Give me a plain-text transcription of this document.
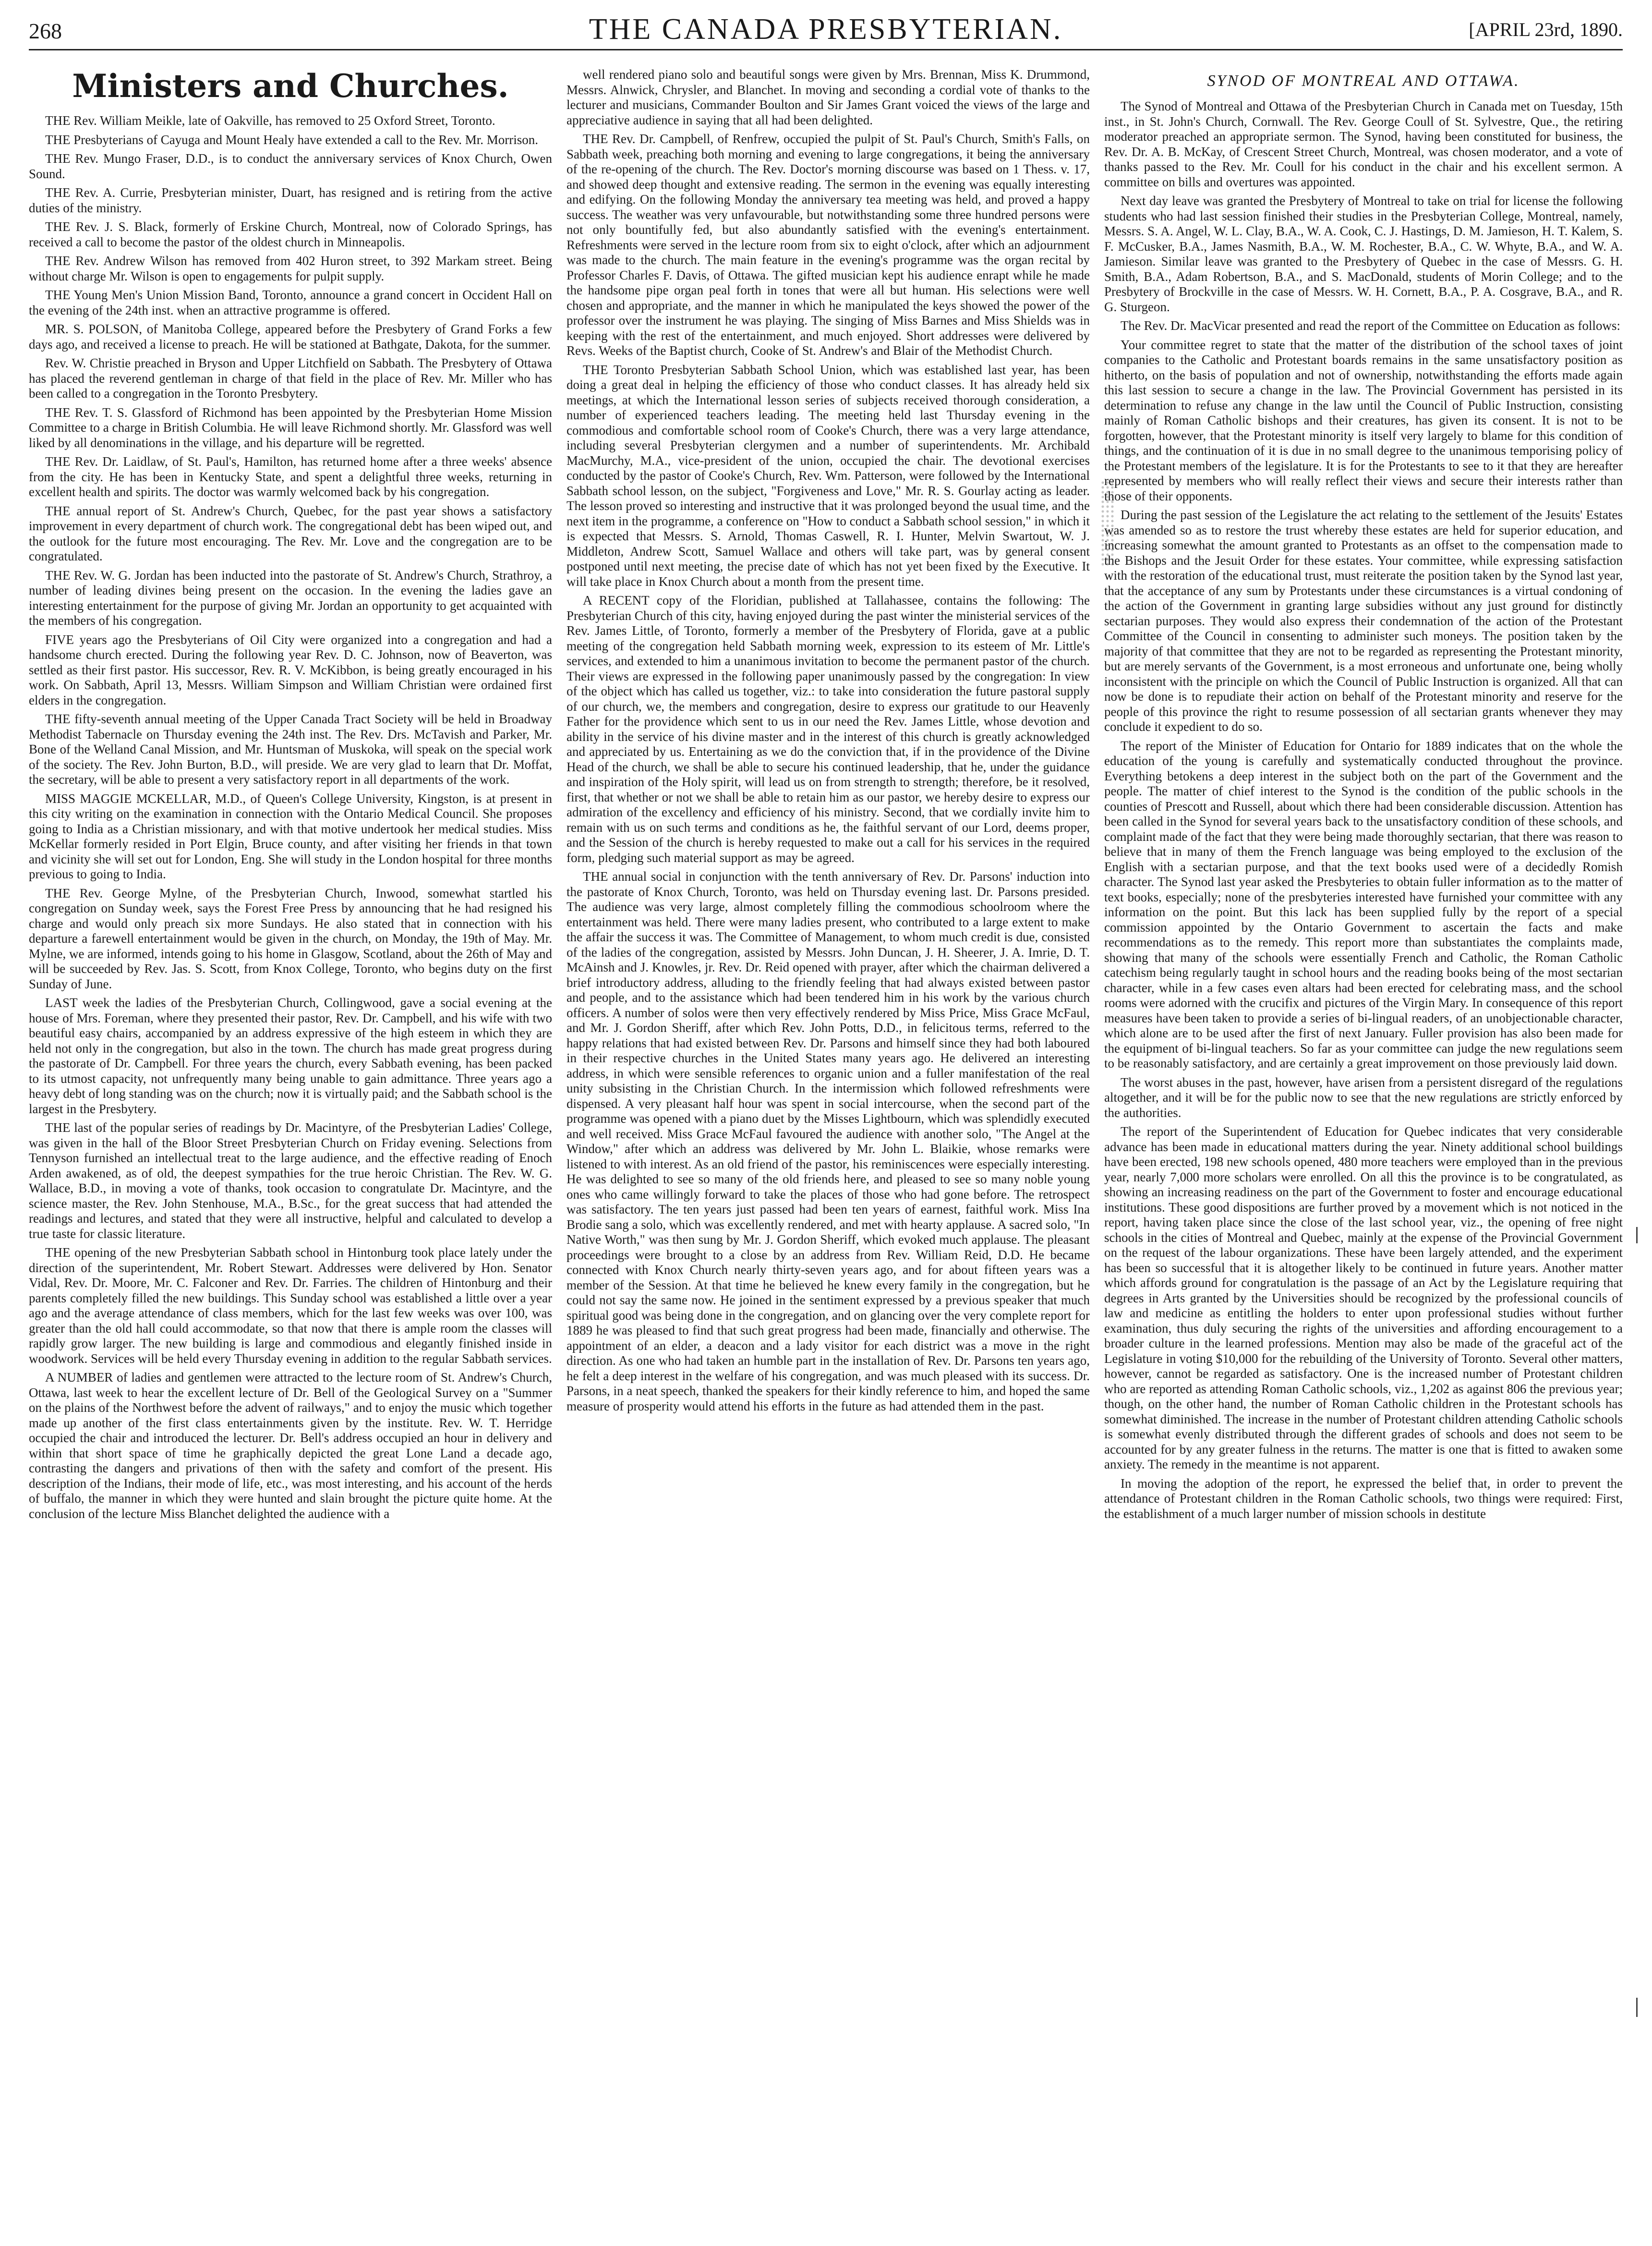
268	THE CANADA PRESBYTERIAN.	[APRIL 23rd, 1890.
Ministers and Churches.

THE Rev. William Meikle, late of Oakville, has removed to 25 Oxford Street, Toronto.

THE Presbyterians of Cayuga and Mount Healy have extended a call to the Rev. Mr. Morrison.

THE Rev. Mungo Fraser, D.D., is to conduct the anniversary services of Knox Church, Owen Sound.

THE Rev. A. Currie, Presbyterian minister, Duart, has resigned and is retiring from the active duties of the ministry.

THE Rev. J. S. Black, formerly of Erskine Church, Montreal, now of Colorado Springs, has received a call to become the pastor of the oldest church in Minneapolis.

THE Rev. Andrew Wilson has removed from 402 Huron street, to 392 Markam street. Being without charge Mr. Wilson is open to engagements for pulpit supply.

THE Young Men's Union Mission Band, Toronto, announce a grand concert in Occident Hall on the evening of the 24th inst. when an attractive programme is offered.

MR. S. POLSON, of Manitoba College, appeared before the Presbytery of Grand Forks a few days ago, and received a license to preach. He will be stationed at Bathgate, Dakota, for the summer.

Rev. W. Christie preached in Bryson and Upper Litchfield on Sabbath. The Presbytery of Ottawa has placed the reverend gentleman in charge of that field in the place of Rev. Mr. Miller who has been called to a congregation in the Toronto Presbytery.

THE Rev. T. S. Glassford of Richmond has been appointed by the Presbyterian Home Mission Committee to a charge in British Columbia. He will leave Richmond shortly. Mr. Glassford was well liked by all denominations in the village, and his departure will be regretted.

THE Rev. Dr. Laidlaw, of St. Paul's, Hamilton, has returned home after a three weeks' absence from the city. He has been in Kentucky State, and spent a delightful three weeks, returning in excellent health and spirits. The doctor was warmly welcomed back by his congregation.

THE annual report of St. Andrew's Church, Quebec, for the past year shows a satisfactory improvement in every department of church work. The congregational debt has been wiped out, and the outlook for the future most encouraging. The Rev. Mr. Love and the congregation are to be congratulated.

THE Rev. W. G. Jordan has been inducted into the pastorate of St. Andrew's Church, Strathroy, a number of leading divines being present on the occasion. In the evening the ladies gave an interesting entertainment for the purpose of giving Mr. Jordan an opportunity to get acquainted with the members of his congregation.

FIVE years ago the Presbyterians of Oil City were organized into a congregation and had a handsome church erected. During the following year Rev. D. C. Johnson, now of Beaverton, was settled as their first pastor. His successor, Rev. R. V. McKibbon, is being greatly encouraged in his work. On Sabbath, April 13, Messrs. William Simpson and William Christian were ordained first elders in the congregation.

THE fifty-seventh annual meeting of the Upper Canada Tract Society will be held in Broadway Methodist Tabernacle on Thursday evening the 24th inst. The Rev. Drs. McTavish and Parker, Mr. Bone of the Welland Canal Mission, and Mr. Huntsman of Muskoka, will speak on the special work of the society. The Rev. John Burton, B.D., will preside. We are very glad to learn that Dr. Moffat, the secretary, will be able to present a very satisfactory report in all departments of the work.

MISS MAGGIE MCKELLAR, M.D., of Queen's College University, Kingston, is at present in this city writing on the examination in connection with the Ontario Medical Council. She proposes going to India as a Christian missionary, and with that motive undertook her medical studies. Miss McKellar formerly resided in Port Elgin, Bruce county, and after visiting her friends in that town and vicinity she will set out for London, Eng. She will study in the London hospital for three months previous to going to India.

THE Rev. George Mylne, of the Presbyterian Church, Inwood, somewhat startled his congregation on Sunday week, says the Forest Free Press by announcing that he had resigned his charge and would only preach six more Sundays. He also stated that in connection with his departure a farewell entertainment would be given in the church, on Monday, the 19th of May. Mr. Mylne, we are informed, intends going to his home in Glasgow, Scotland, about the 26th of May and will be succeeded by Rev. Jas. S. Scott, from Knox College, Toronto, who begins duty on the first Sunday of June.

LAST week the ladies of the Presbyterian Church, Collingwood, gave a social evening at the house of Mrs. Foreman, where they presented their pastor, Rev. Dr. Campbell, and his wife with two beautiful easy chairs, accompanied by an address expressive of the high esteem in which they are held not only in the congregation, but also in the town. The church has made great progress during the pastorate of Dr. Campbell. For three years the church, every Sabbath evening, has been packed to its utmost capacity, not unfrequently many being unable to gain admittance. Three years ago a heavy debt of long standing was on the church; now it is virtually paid; and the Sabbath school is the largest in the Presbytery.

THE last of the popular series of readings by Dr. Macintyre, of the Presbyterian Ladies' College, was given in the hall of the Bloor Street Presbyterian Church on Friday evening. Selections from Tennyson furnished an intellectual treat to the large audience, and the effective reading of Enoch Arden awakened, as of old, the deepest sympathies for the true heroic Christian. The Rev. W. G. Wallace, B.D., in moving a vote of thanks, took occasion to congratulate Dr. Macintyre, and the science master, the Rev. John Stenhouse, M.A., B.Sc., for the great success that had attended the readings and lectures, and stated that they were all instructive, helpful and calculated to develop a true taste for classic literature.

THE opening of the new Presbyterian Sabbath school in Hintonburg took place lately under the direction of the superintendent, Mr. Robert Stewart. Addresses were delivered by Hon. Senator Vidal, Rev. Dr. Moore, Mr. C. Falconer and Rev. Dr. Farries. The children of Hintonburg and their parents completely filled the new buildings. This Sunday school was established a little over a year ago and the average attendance of class members, which for the last few weeks was over 100, was greater than the old hall could accommodate, so that now that there is ample room the classes will rapidly grow larger. The new building is large and commodious and elegantly finished inside in woodwork. Services will be held every Thursday evening in addition to the regular Sabbath services.

A NUMBER of ladies and gentlemen were attracted to the lecture room of St. Andrew's Church, Ottawa, last week to hear the excellent lecture of Dr. Bell of the Geological Survey on a "Summer on the plains of the Northwest before the advent of railways," and to enjoy the music which together made up another of the first class entertainments given by the institute. Rev. W. T. Herridge occupied the chair and introduced the lecturer. Dr. Bell's address occupied an hour in delivery and within that short space of time he graphically depicted the great Lone Land a decade ago, contrasting the dangers and privations of then with the safety and comfort of the present. His description of the Indians, their mode of life, etc., was most interesting, and his account of the herds of buffalo, the manner in which they were hunted and slain brought the picture quite home. At the conclusion of the lecture Miss Blanchet delighted the audience with a

well rendered piano solo and beautiful songs were given by Mrs. Brennan, Miss K. Drummond, Messrs. Alnwick, Chrysler, and Blanchet. In moving and seconding a cordial vote of thanks to the lecturer and musicians, Commander Boulton and Sir James Grant voiced the views of the large and appreciative audience in saying that all had been delighted.

THE Rev. Dr. Campbell, of Renfrew, occupied the pulpit of St. Paul's Church, Smith's Falls, on Sabbath week, preaching both morning and evening to large congregations, it being the anniversary of the re-opening of the church. The Rev. Doctor's morning discourse was based on 1 Thess. v. 17, and showed deep thought and extensive reading. The sermon in the evening was equally interesting and edifying. On the following Monday the anniversary tea meeting was held, and proved a happy success. The weather was very unfavourable, but notwithstanding some three hundred persons were not only bountifully fed, but also abundantly satisfied with the evening's entertainment. Refreshments were served in the lecture room from six to eight o'clock, after which an adjournment was made to the church. The main feature in the evening's programme was the organ recital by Professor Charles F. Davis, of Ottawa. The gifted musician kept his audience enrapt while he made the handsome pipe organ peal forth in tones that were all but human. His selections were well chosen and appropriate, and the manner in which he manipulated the keys showed the power of the professor over the instrument he was playing. The singing of Miss Barnes and Miss Shields was in keeping with the rest of the entertainment, and much enjoyed. Short addresses were delivered by Revs. Weeks of the Baptist church, Cooke of St. Andrew's and Blair of the Methodist Church.

THE Toronto Presbyterian Sabbath School Union, which was established last year, has been doing a great deal in helping the efficiency of those who conduct classes. It has already held six meetings, at which the International lesson series of subjects received thorough consideration, a number of experienced teachers leading. The meeting held last Thursday evening in the commodious and comfortable school room of Cooke's Church, there was a very large attendance, including several Presbyterian clergymen and a number of superintendents. Mr. Archibald MacMurchy, M.A., vice-president of the union, occupied the chair. The devotional exercises conducted by the pastor of Cooke's Church, Rev. Wm. Patterson, were followed by the International Sabbath school lesson, on the subject, "Forgiveness and Love," Mr. R. S. Gourlay acting as leader. The lesson proved so interesting and instructive that it was prolonged beyond the usual time, and the next item in the programme, a conference on "How to conduct a Sabbath school session," in which it is expected that Messrs. S. Arnold, Thomas Caswell, R. I. Hunter, Melvin Swartout, W. J. Middleton, Andrew Scott, Samuel Wallace and others will take part, was by general consent postponed until next meeting, the precise date of which has not yet been fixed by the Executive. It will take place in Knox Church about a month from the present time.

A RECENT copy of the Floridian, published at Tallahassee, contains the following: The Presbyterian Church of this city, having enjoyed during the past winter the ministerial services of the Rev. James Little, of Toronto, formerly a member of the Presbytery of Florida, gave at a public meeting of the congregation held Sabbath morning week, expression to its esteem of Mr. Little's services, and extended to him a unanimous invitation to become the permanent pastor of the church. Their views are expressed in the following paper unanimously passed by the congregation: In view of the object which has called us together, viz.: to take into consideration the future pastoral supply of our church, we, the members and congregation, desire to express our gratitude to our Heavenly Father for the providence which sent to us in our need the Rev. James Little, whose devotion and ability in the service of his divine master and in the interest of this church is greatly acknowledged and appreciated by us. Entertaining as we do the conviction that, if in the providence of the Divine Head of the church, we shall be able to secure his continued leadership, that he, under the guidance and inspiration of the Holy spirit, will lead us on from strength to strength; therefore, be it resolved, first, that whether or not we shall be able to retain him as our pastor, we hereby desire to express our admiration of the excellency and efficiency of his ministry. Second, that we cordially invite him to remain with us on such terms and conditions as he, the faithful servant of our Lord, deems proper, and the Session of the church is hereby requested to make out a call for his services in the required form, pledging such material support as may be agreed.

THE annual social in conjunction with the tenth anniversary of Rev. Dr. Parsons' induction into the pastorate of Knox Church, Toronto, was held on Thursday evening last. Dr. Parsons presided. The audience was very large, almost completely filling the commodious schoolroom where the entertainment was held. There were many ladies present, who contributed to a large extent to make the affair the success it was. The Committee of Management, to whom much credit is due, consisted of the ladies of the congregation, assisted by Messrs. John Duncan, J. H. Sheerer, J. A. Imrie, D. T. McAinsh and J. Knowles, jr. Rev. Dr. Reid opened with prayer, after which the chairman delivered a brief introductory address, alluding to the friendly feeling that had always existed between pastor and people, and to the assistance which had been tendered him in his work by the various church officers. A number of solos were then very effectively rendered by Miss Price, Miss Grace McFaul, and Mr. J. Gordon Sheriff, after which Rev. John Potts, D.D., in felicitous terms, referred to the happy relations that had existed between Rev. Dr. Parsons and himself since they had both laboured in their respective churches in the United States many years ago. He delivered an interesting address, in which were sensible references to organic union and a fuller manifestation of the real unity subsisting in the Christian Church. In the intermission which followed refreshments were dispensed. A very pleasant half hour was spent in social intercourse, when the second part of the programme was opened with a piano duet by the Misses Lightbourn, which was splendidly executed and well received. Miss Grace McFaul favoured the audience with another solo, "The Angel at the Window," after which an address was delivered by Mr. John L. Blaikie, whose remarks were listened to with interest. As an old friend of the pastor, his reminiscences were especially interesting. He was delighted to see so many of the old friends here, and pleased to see so many noble young ones who came willingly forward to take the places of those who had gone before. The retrospect was satisfactory. The ten years just passed had been ten years of earnest, faithful work. Miss Ina Brodie sang a solo, which was excellently rendered, and met with hearty applause. A sacred solo, "In Native Worth," was then sung by Mr. J. Gordon Sheriff, which evoked much applause. The pleasant proceedings were brought to a close by an address from Rev. William Reid, D.D. He became connected with Knox Church nearly thirty-seven years ago, and for about fifteen years was a member of the Session. At that time he believed he knew every family in the congregation, but he could not say the same now. He joined in the sentiment expressed by a previous speaker that much spiritual good was being done in the congregation, and on glancing over the very complete report for 1889 he was pleased to find that such great progress had been made, financially and otherwise. The appointment of an elder, a deacon and a lady visitor for each district was a move in the right direction. As one who had taken an humble part in the installation of Rev. Dr. Parsons ten years ago, he felt a deep interest in the welfare of his congregation, and was much pleased with its success. Dr. Parsons, in a neat speech, thanked the speakers for their kindly reference to him, and hoped the same measure of prosperity would attend his efforts in the future as had attended them in the past.

SYNOD OF MONTREAL AND OTTAWA.

The Synod of Montreal and Ottawa of the Presbyterian Church in Canada met on Tuesday, 15th inst., in St. John's Church, Cornwall. The Rev. George Coull of St. Sylvestre, Que., the retiring moderator preached an appropriate sermon. The Synod, having been constituted for business, the Rev. Dr. A. B. McKay, of Crescent Street Church, Montreal, was chosen moderator, and a vote of thanks passed to the Rev. Mr. Coull for his conduct in the chair and his excellent sermon. A committee on bills and overtures was appointed.

Next day leave was granted the Presbytery of Montreal to take on trial for license the following students who had last session finished their studies in the Presbyterian College, Montreal, namely, Messrs. S. A. Angel, W. L. Clay, B.A., W. A. Cook, C. J. Hastings, D. M. Jamieson, H. T. Kalem, S. F. McCusker, B.A., James Nasmith, B.A., W. M. Rochester, B.A., C. W. Whyte, B.A., and W. A. Jamieson. Similar leave was granted to the Presbytery of Quebec in the case of Messrs. G. H. Smith, B.A., Adam Robertson, B.A., and S. MacDonald, students of Morin College; and to the Presbytery of Brockville in the case of Messrs. W. H. Cornett, B.A., P. A. Cosgrave, B.A., and R. G. Sturgeon.

The Rev. Dr. MacVicar presented and read the report of the Committee on Education as follows:

Your committee regret to state that the matter of the distribution of the school taxes of joint companies to the Catholic and Protestant boards remains in the same unsatisfactory position as hitherto, on the basis of population and not of ownership, notwithstanding the efforts made again this last session to secure a change in the law. The Provincial Government has persisted in its determination to refuse any change in the law until the Council of Public Instruction, consisting mainly of Roman Catholic bishops and their creatures, has given its consent. It is not to be forgotten, however, that the Protestant minority is itself very largely to blame for this condition of things, and the continuation of it is due in no small degree to the unanimous temporising policy of the Protestant members of the legislature. It is for the Protestants to see to it that they are hereafter represented by members who will really reflect their views and secure their interests rather than those of their opponents.

During the past session of the Legislature the act relating to the settlement of the Jesuits' Estates was amended so as to restore the trust whereby these estates are held for superior education, and increasing somewhat the amount granted to Protestants as an offset to the compensation made to the Bishops and the Jesuit Order for these estates. Your committee, while expressing satisfaction with the restoration of the educational trust, must reiterate the position taken by the Synod last year, that the acceptance of any sum by Protestants under these circumstances is a virtual condoning of the action of the Government in granting large subsidies without any just ground for distinctly sectarian purposes. They would also express their condemnation of the action of the Protestant Committee of the Council in consenting to administer such moneys. The position taken by the majority of that committee that they are not to be regarded as representing the Protestant minority, but are merely servants of the Government, is a most erroneous and unfortunate one, being wholly inconsistent with the principle on which the Council of Public Instruction is organized. All that can now be done is to repudiate their action on behalf of the Protestant minority and reserve for the people of this province the right to resume possession of all sectarian grants whenever they may conclude it expedient to do so.

The report of the Minister of Education for Ontario for 1889 indicates that on the whole the education of the young is carefully and systematically conducted throughout the province. Everything betokens a deep interest in the subject both on the part of the Government and the people. The matter of chief interest to the Synod is the condition of the public schools in the counties of Prescott and Russell, about which there had been considerable discussion. Attention has been called in the Synod for several years back to the unsatisfactory condition of these schools, and complaint made of the fact that they were being made thoroughly sectarian, that there was reason to believe that in many of them the French language was being employed to the exclusion of the English with a sectarian purpose, and that the text books used were of a decidedly Romish character. The Synod last year asked the Presbyteries to obtain fuller information as to the matter of text books, especially; none of the presbyteries interested have furnished your committee with any information on the point. But this lack has been supplied fully by the report of a special commission appointed by the Ontario Government to ascertain the facts and make recommendations as to the remedy. This report more than substantiates the complaints made, showing that many of the schools were essentially French and Catholic, the Roman Catholic catechism being regularly taught in school hours and the reading books being of the most sectarian character, while in a few cases even altars had been erected for celebrating mass, and the school rooms were adorned with the crucifix and pictures of the Virgin Mary. In consequence of this report measures have been taken to provide a series of bi-lingual readers, of an unobjectionable character, which alone are to be used after the first of next January. Fuller provision has also been made for the equipment of bi-lingual teachers. So far as your committee can judge the new regulations seem to be reasonably satisfactory, and are certainly a great improvement on those previously laid down.

The worst abuses in the past, however, have arisen from a persistent disregard of the regulations altogether, and it will be for the public now to see that the new regulations are strictly enforced by the authorities.

The report of the Superintendent of Education for Quebec indicates that very considerable advance has been made in educational matters during the year. Ninety additional school buildings have been erected, 198 new schools opened, 480 more teachers were employed than in the previous year, nearly 7,000 more scholars were enrolled. On all this the province is to be congratulated, as showing an increasing readiness on the part of the Government to foster and encourage educational institutions. These good dispositions are further proved by a movement which is not noticed in the report, having taken place since the close of the last school year, viz., the opening of free night schools in the cities of Montreal and Quebec, mainly at the expense of the Provincial Government on the request of the labour organizations. These have been largely attended, and the experiment has been so successful that it is altogether likely to be continued in future years. Another matter which affords ground for congratulation is the passage of an Act by the Legislature requiring that degrees in Arts granted by the Universities should be recognized by the professional councils of law and medicine as entitling the holders to enter upon professional studies without further examination, thus duly securing the rights of the universities and affording encouragement to a broader culture in the learned professions. Mention may also be made of the graceful act of the Legislature in voting $10,000 for the rebuilding of the University of Toronto. Several other matters, however, cannot be regarded as satisfactory. One is the increased number of Protestant children who are reported as attending Roman Catholic schools, viz., 1,202 as against 806 the previous year; though, on the other hand, the number of Roman Catholic children in the Protestant schools has somewhat diminished. The increase in the number of Protestant children attending Catholic schools is somewhat evenly distributed through the different grades of schools and does not seem to be accounted for by any greater fulness in the returns. The matter is one that is fitted to awaken some anxiety. The remedy in the meantime is not apparent.

In moving the adoption of the report, he expressed the belief that, in order to prevent the attendance of Protestant children in the Roman Catholic schools, two things were required: First, the establishment of a much larger number of mission schools in destitute
